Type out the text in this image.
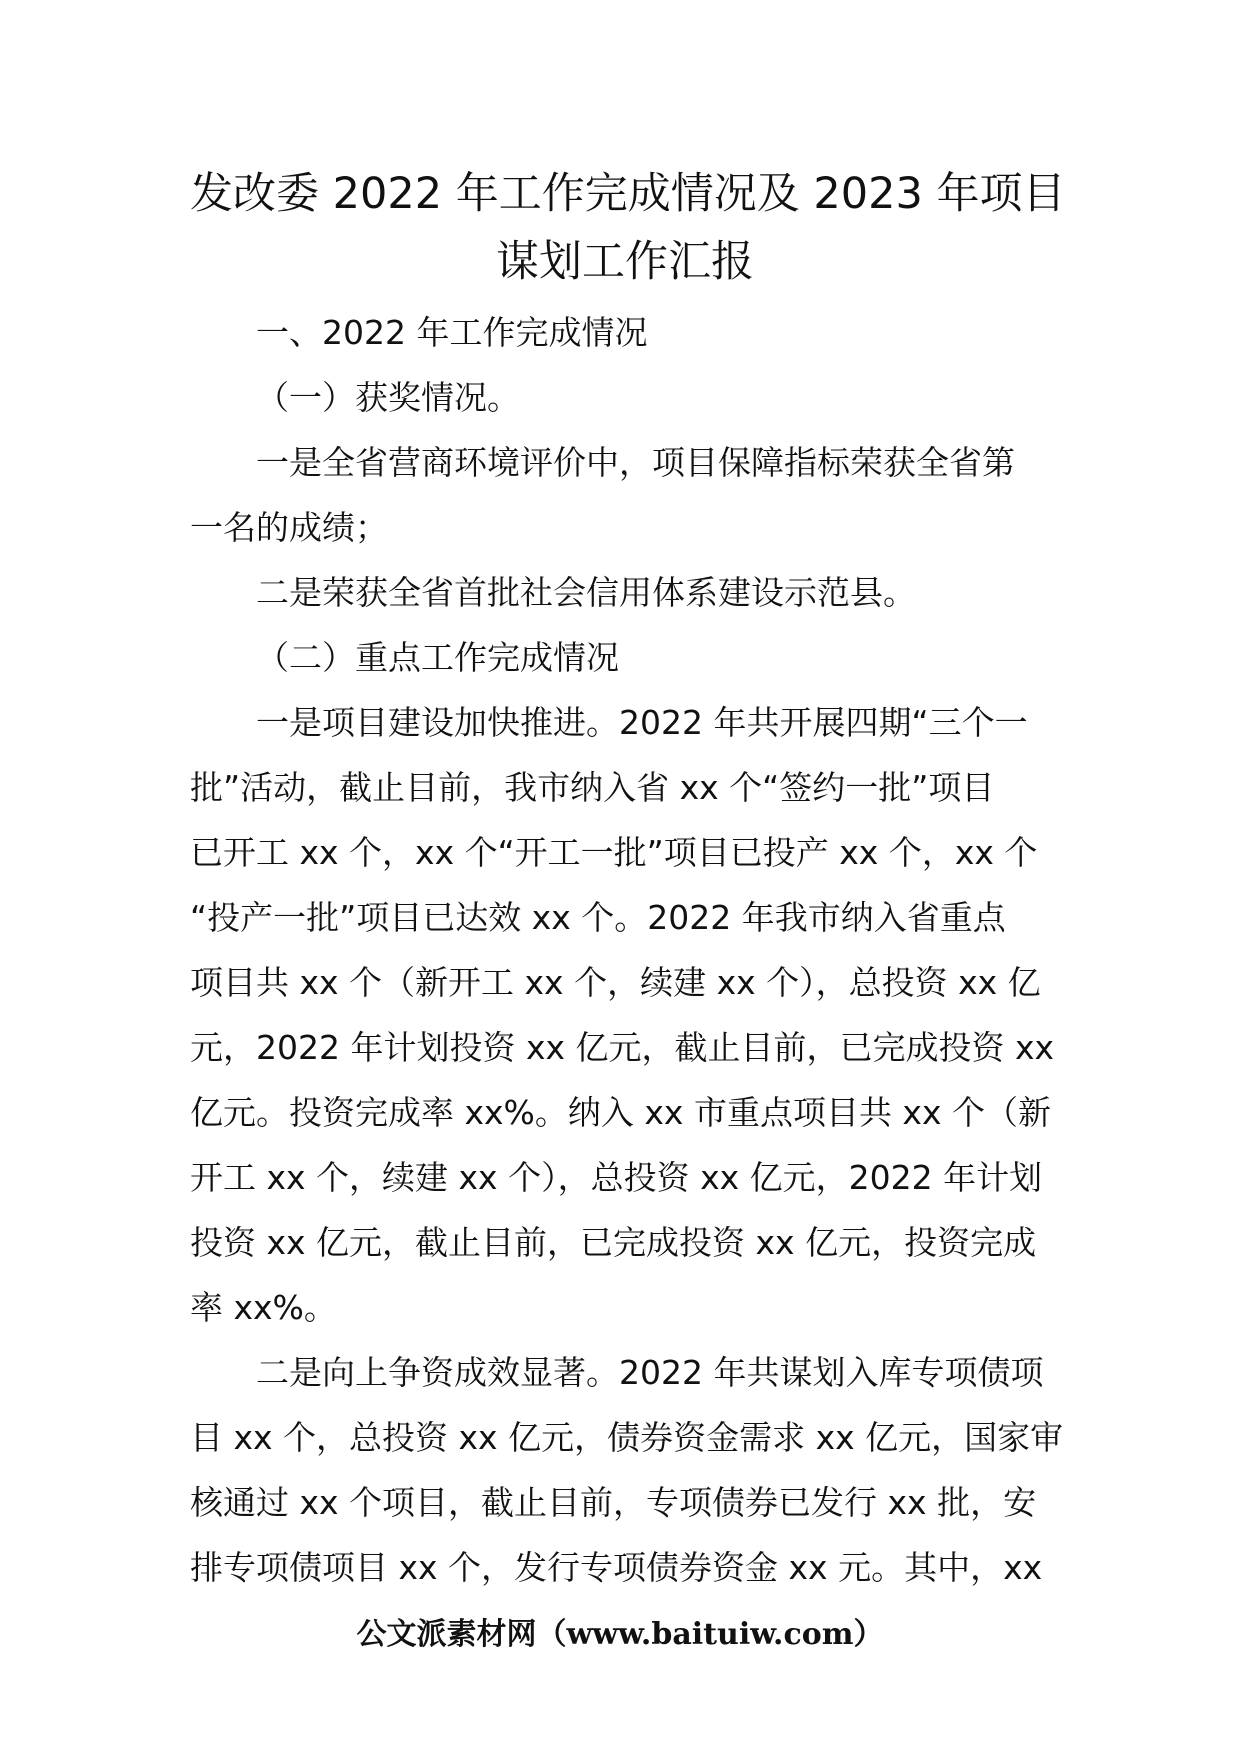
发改委 2022 年工作完成情况及 2023 年项目
谋划工作汇报

一、2022 年工作完成情况

（一）获奖情况。

一是全省营商环境评价中，项目保障指标荣获全省第
一名的成绩；

二是荣获全省首批社会信用体系建设示范县。

（二）重点工作完成情况

一是项目建设加快推进。2022 年共开展四期“三个一
批”活动，截止目前，我市纳入省 xx 个“签约一批”项目
已开工 xx 个，xx 个“开工一批”项目已投产 xx 个，xx 个
“投产一批”项目已达效 xx 个。2022 年我市纳入省重点
项目共 xx 个（新开工 xx 个，续建 xx 个），总投资 xx 亿
元，2022 年计划投资 xx 亿元，截止目前，已完成投资 xx
亿元。投资完成率 xx%。纳入 xx 市重点项目共 xx 个（新
开工 xx 个，续建 xx 个），总投资 xx 亿元，2022 年计划
投资 xx 亿元，截止目前，已完成投资 xx 亿元，投资完成
率 xx%。

二是向上争资成效显著。2022 年共谋划入库专项债项
目 xx 个，总投资 xx 亿元，债券资金需求 xx 亿元，国家审
核通过 xx 个项目，截止目前，专项债券已发行 xx 批，安
排专项债项目 xx 个，发行专项债券资金 xx 元。其中，xx

公文派素材网（www.baituiw.com）
